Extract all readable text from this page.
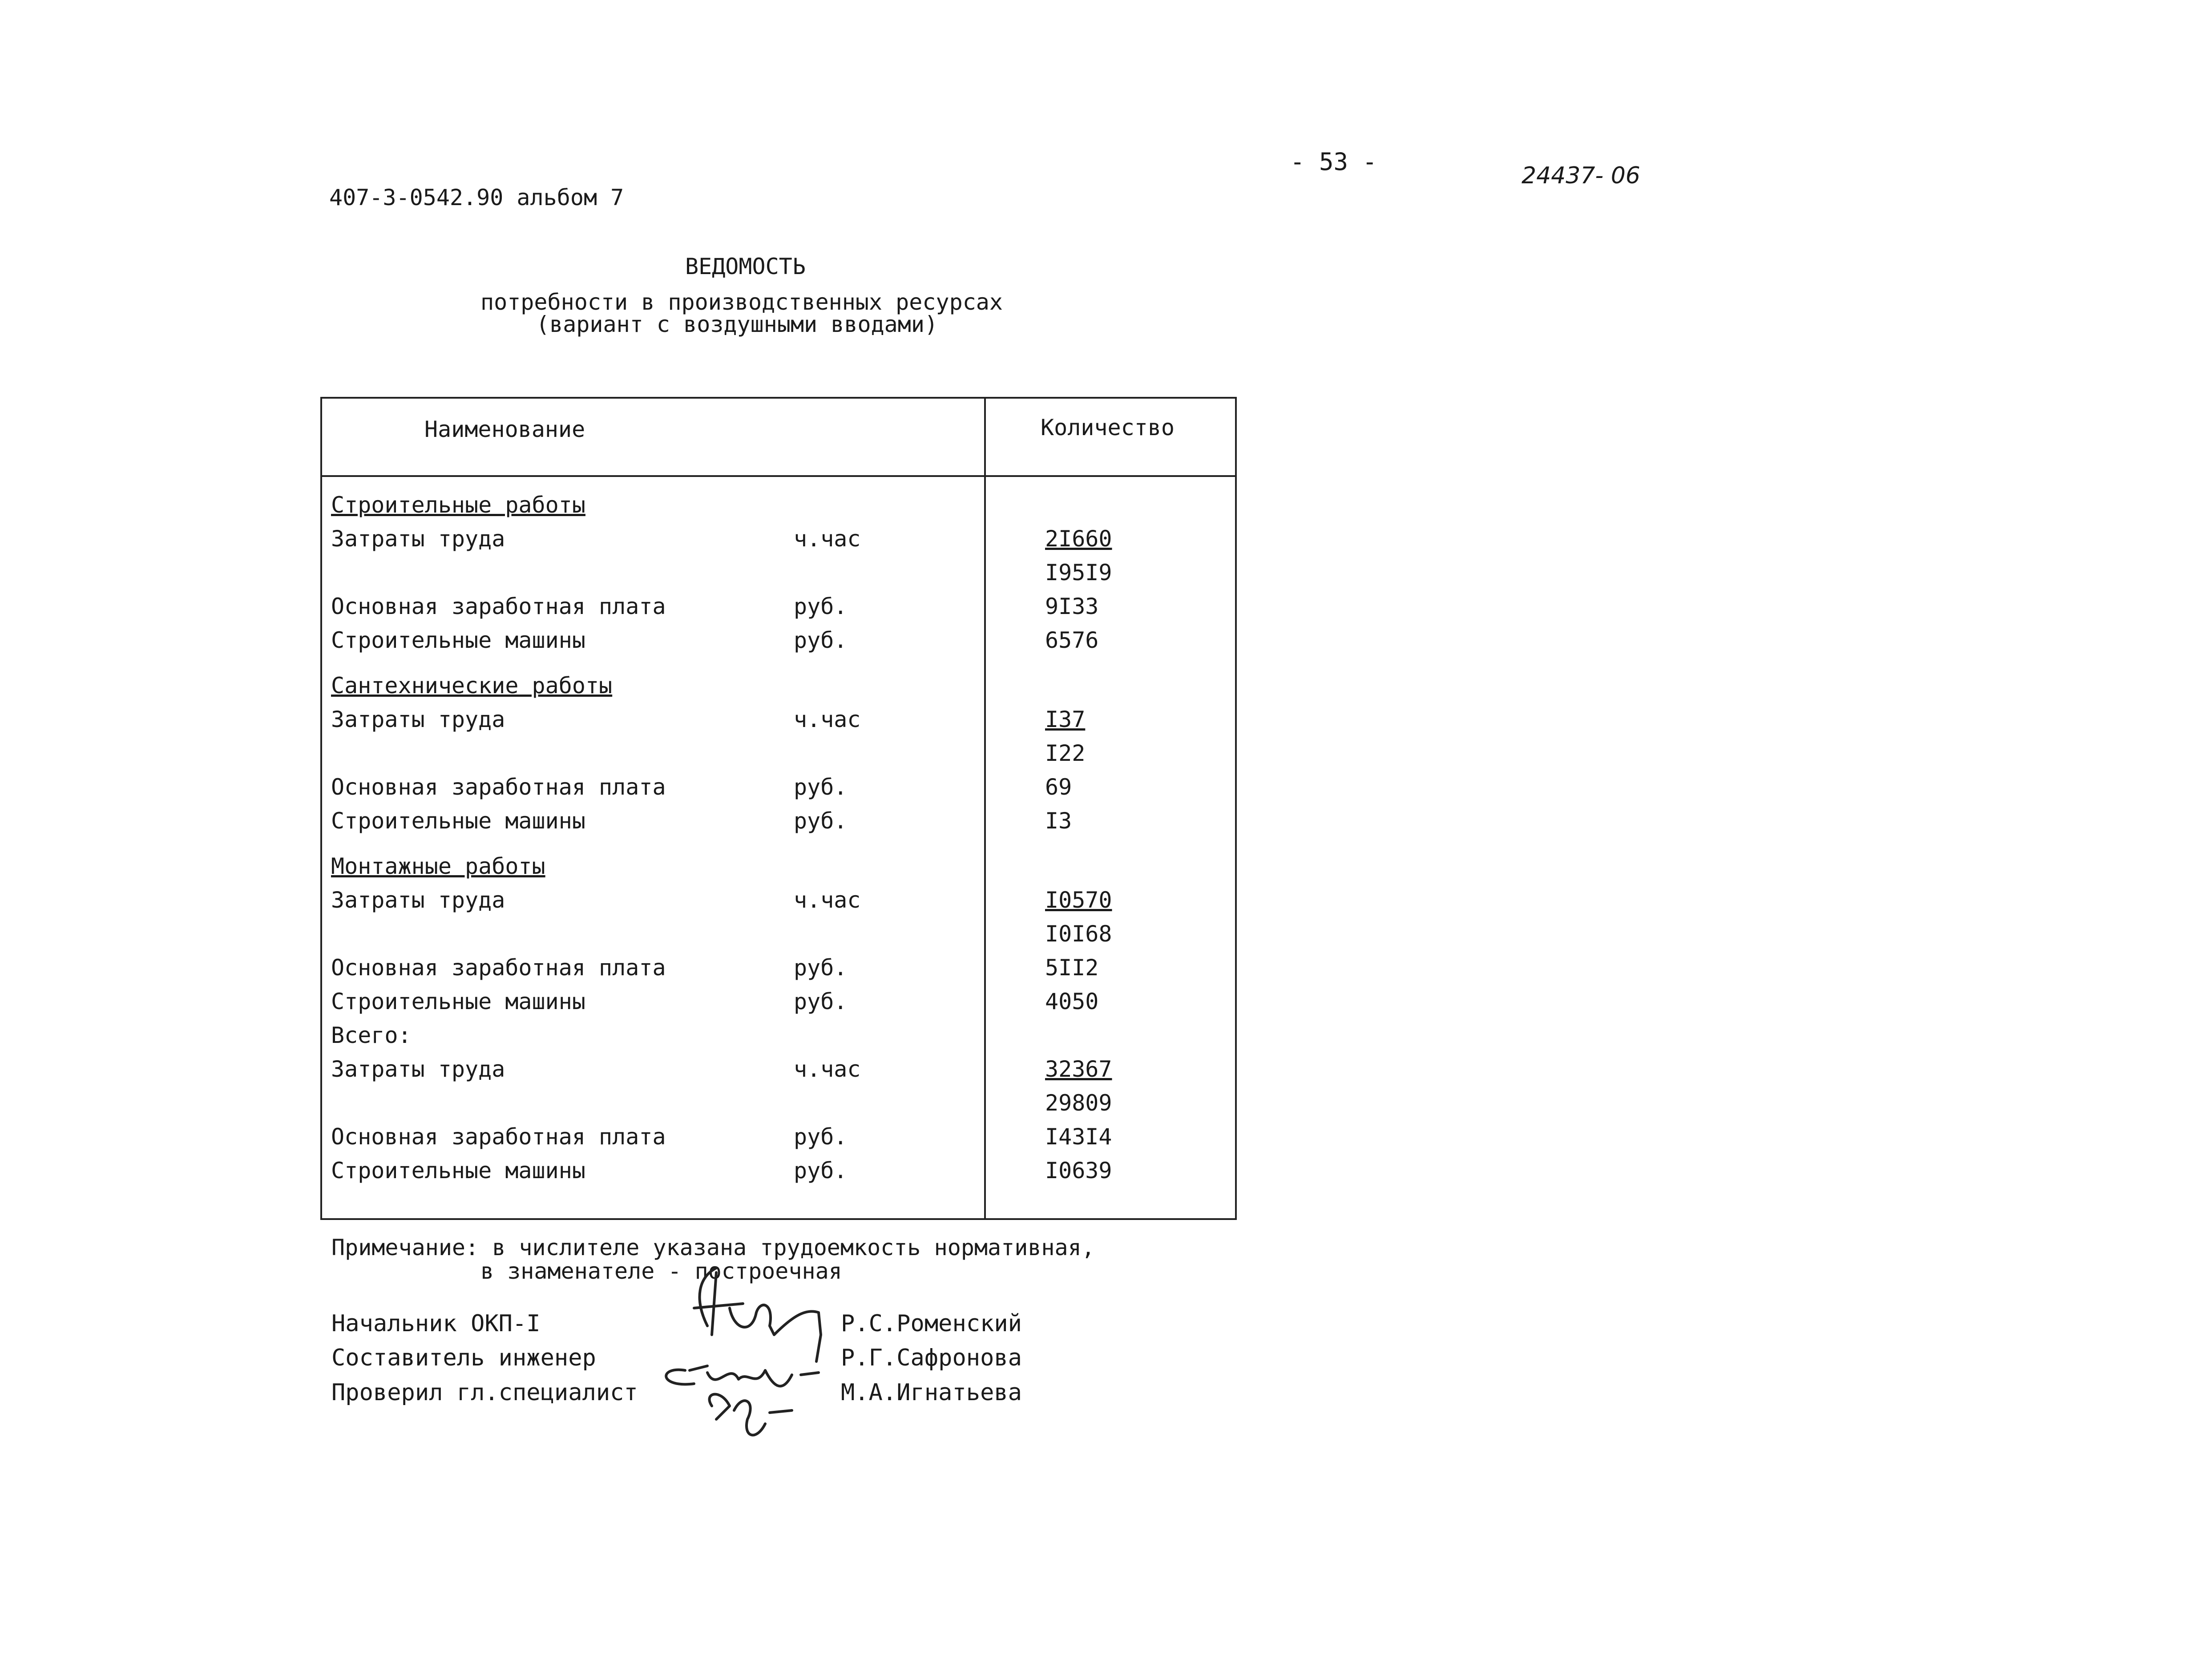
407-3-0542.90 альбом 7
- 53 -	24437- 06
ВЕДОМОСТЬ
потребности в производственных ресурсах
(вариант с воздушными вводами)
Наименование	Количество
Строительные работы
Затраты труда	ч.час	2I660
I95I9
Основная заработная плата	руб.	9I33
Строительные машины	руб.	6576
Сантехнические работы
Затраты труда	ч.час	I37
I22
Основная заработная плата	руб.	69
Строительные машины	руб.	I3
Монтажные работы
Затраты труда	ч.час	I0570
I0I68
Основная заработная плата	руб.	5II2
Строительные машины	руб.	4050
Всего:
Затраты труда	ч.час	32367
29809
Основная заработная плата	руб.	I43I4
Строительные машины	руб.	I0639
Примечание: в числителе указана трудоемкость нормативная,
в знаменателе - построечная
Начальник ОКП-I	Р.С.Роменский
Составитель инженер	Р.Г.Сафронова
Проверил гл.специалист	М.А.Игнатьева
